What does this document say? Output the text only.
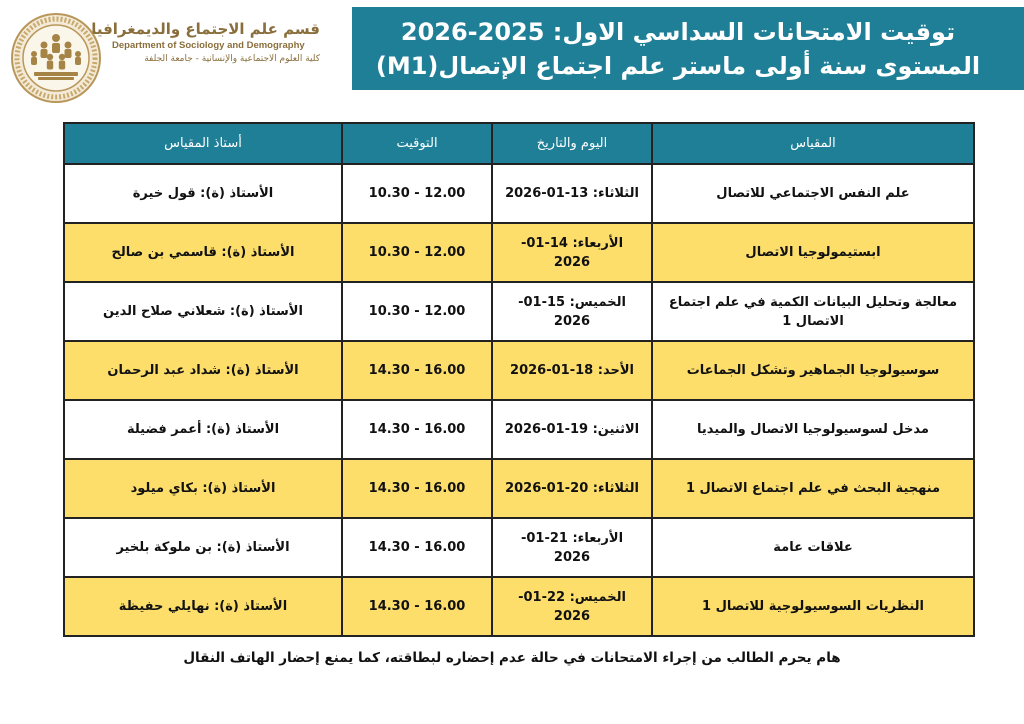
توقيت الامتحانات السداسي الاول: 2025-2026
المستوى سنة أولى ماستر علم اجتماع الإتصال(M1)
قسم علم الاجتماع والديمغرافيا
Department of Sociology and Demography
كلية العلوم الاجتماعية والإنسانية - جامعة الجلفة
المقياس	اليوم والتاريخ	التوقيت	أستاذ المقياس
علم النفس الاجتماعي للاتصال	الثلاثاء: 13-01-2026	10.30 - 12.00	الأستاذ (ة): قول خيرة
ابستيمولوجيا الاتصال	الأربعاء: 14-01-2026	10.30 - 12.00	الأستاذ (ة): قاسمي بن صالح
معالجة وتحليل البيانات الكمية في علم اجتماع الاتصال 1	الخميس: 15-01-2026	10.30 - 12.00	الأستاذ (ة): شعلاني صلاح الدين
سوسيولوجيا الجماهير وتشكل الجماعات	الأحد: 18-01-2026	14.30 - 16.00	الأستاذ (ة): شداد عبد الرحمان
مدخل لسوسيولوجيا الاتصال والميديا	الاثنين: 19-01-2026	14.30 - 16.00	الأستاذ (ة): أعمر فضيلة
منهجية البحث في علم اجتماع الاتصال 1	الثلاثاء: 20-01-2026	14.30 - 16.00	الأستاذ (ة): بكاي ميلود
علاقات عامة	الأربعاء: 21-01-2026	14.30 - 16.00	الأستاذ (ة): بن ملوكة بلخير
النظريات السوسيولوجية للاتصال 1	الخميس: 22-01-2026	14.30 - 16.00	الأستاذ (ة): نهايلي حفيظة
هام يحرم الطالب من إجراء الامتحانات في حالة عدم إحضاره لبطاقته، كما يمنع إحضار الهاتف النقال
